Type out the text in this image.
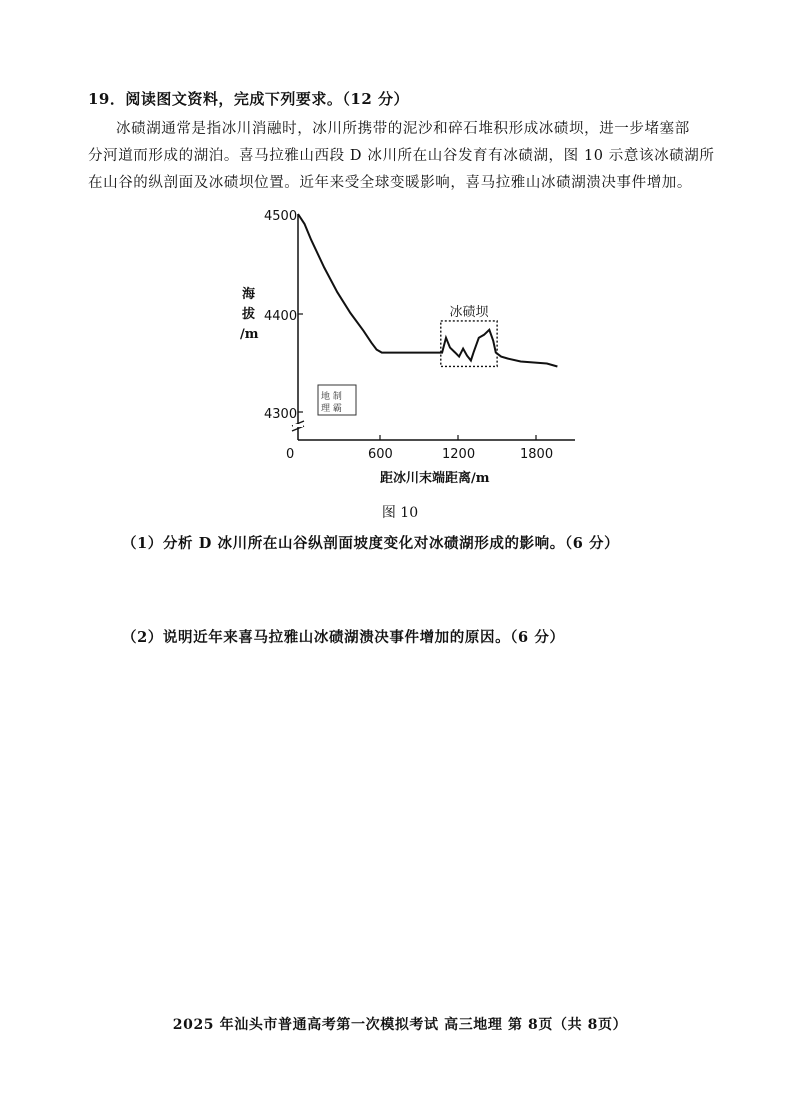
19．阅读图文资料，完成下列要求。（12 分）
冰碛湖通常是指冰川消融时，冰川所携带的泥沙和碎石堆积形成冰碛坝，进一步堵塞部
分河道而形成的湖泊。喜马拉雅山西段 D 冰川所在山谷发育有冰碛湖，图 10 示意该冰碛湖所
在山谷的纵剖面及冰碛坝位置。近年来受全球变暖影响，喜马拉雅山冰碛湖溃决事件增加。
4500
4400
4300
海
拔
/m
0	600	1200	1800
距冰川末端距离/m
冰碛坝
地 制
理 霸
图 10
（1）分析 D 冰川所在山谷纵剖面坡度变化对冰碛湖形成的影响。（6 分）
（2）说明近年来喜马拉雅山冰碛湖溃决事件增加的原因。（6 分）
2025 年汕头市普通高考第一次模拟考试 高三地理 第 8页（共 8页）
